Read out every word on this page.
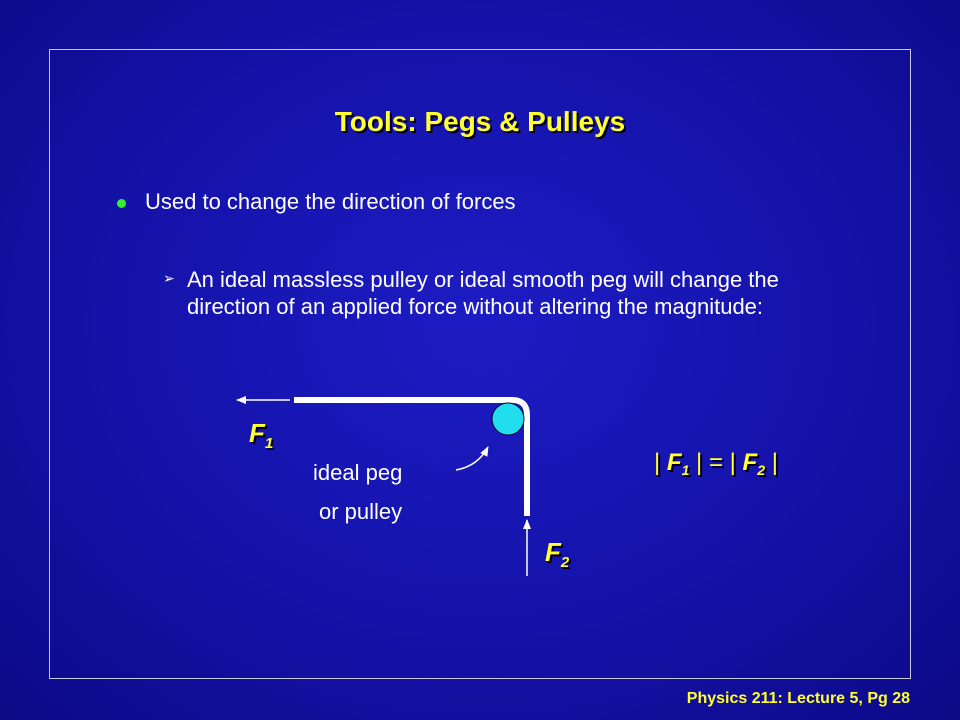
Tools: Pegs & Pulleys
Used to change the direction of forces
➢ An ideal massless pulley or ideal smooth peg will change the direction of an applied force without altering the magnitude:
$F_1$
$F_2$
ideal peg
or pulley
| $F_1$ | = | $F_2$ |
Physics 211: Lecture 5, Pg 28
